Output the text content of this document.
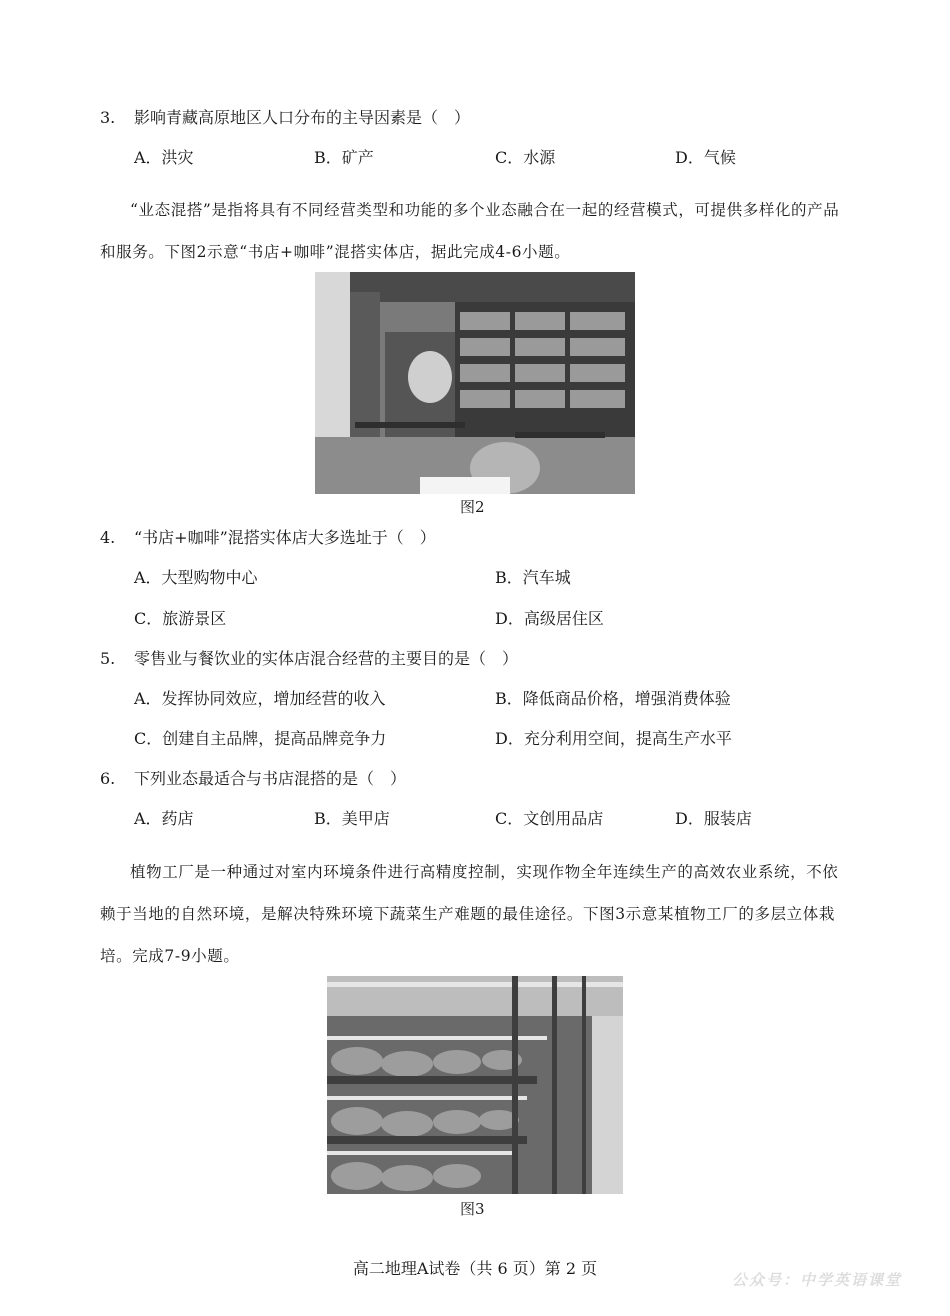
3. 影响青藏高原地区人口分布的主导因素是（　）
A．洪灾	B．矿产	C．水源	D．气候
“业态混搭”是指将具有不同经营类型和功能的多个业态融合在一起的经营模式，可提供多样化的产品和服务。下图2示意“书店+咖啡”混搭实体店，据此完成4-6小题。
图2
4. “书店+咖啡”混搭实体店大多选址于（　）
A．大型购物中心	B．汽车城
C．旅游景区	D．高级居住区
5. 零售业与餐饮业的实体店混合经营的主要目的是（　）
A．发挥协同效应，增加经营的收入	B．降低商品价格，增强消费体验
C．创建自主品牌，提高品牌竞争力	D．充分利用空间，提高生产水平
6. 下列业态最适合与书店混搭的是（　）
A．药店	B．美甲店	C．文创用品店	D．服装店
植物工厂是一种通过对室内环境条件进行高精度控制，实现作物全年连续生产的高效农业系统，不依赖于当地的自然环境，是解决特殊环境下蔬菜生产难题的最佳途径。下图3示意某植物工厂的多层立体栽培。完成7-9小题。
图3
高二地理A试卷（共 6 页）第 2 页
公众号：中学英语课堂
